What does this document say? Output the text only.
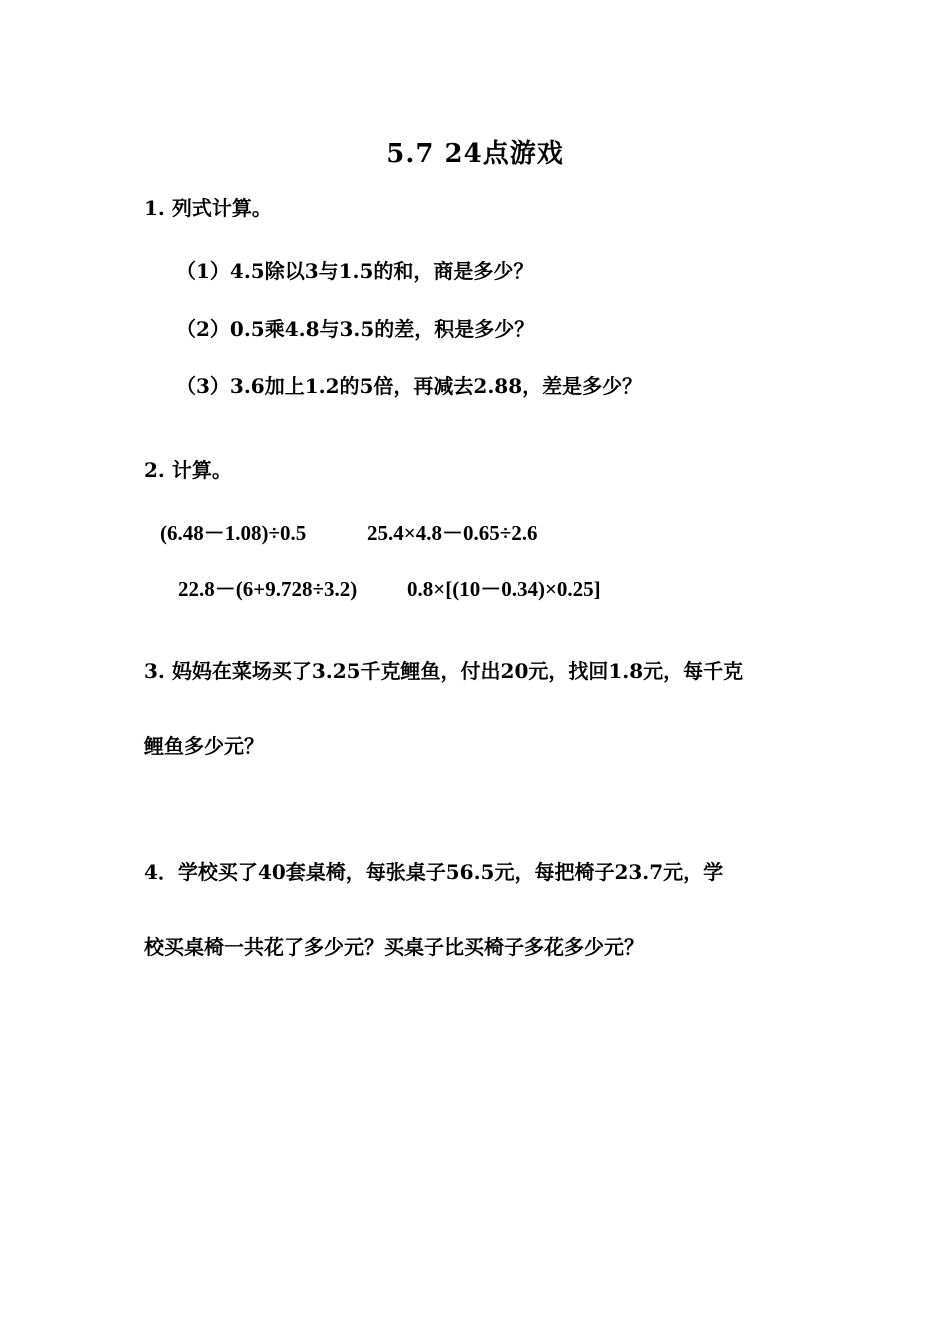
5.7 24点游戏
1. 列式计算。
（1）4.5除以3与1.5的和，商是多少？
（2）0.5乘4.8与3.5的差，积是多少？
（3）3.6加上1.2的5倍，再减去2.88，差是多少？
2. 计算。
(6.48－1.08)÷0.5	25.4×4.8－0.65÷2.6
22.8－(6+9.728÷3.2) 0.8×[(10－0.34)×0.25]
3. 妈妈在菜场买了3.25千克鲤鱼，付出20元，找回1.8元，每千克
鲤鱼多少元？
4．学校买了40套桌椅，每张桌子56.5元，每把椅子23.7元，学
校买桌椅一共花了多少元？买桌子比买椅子多花多少元？
